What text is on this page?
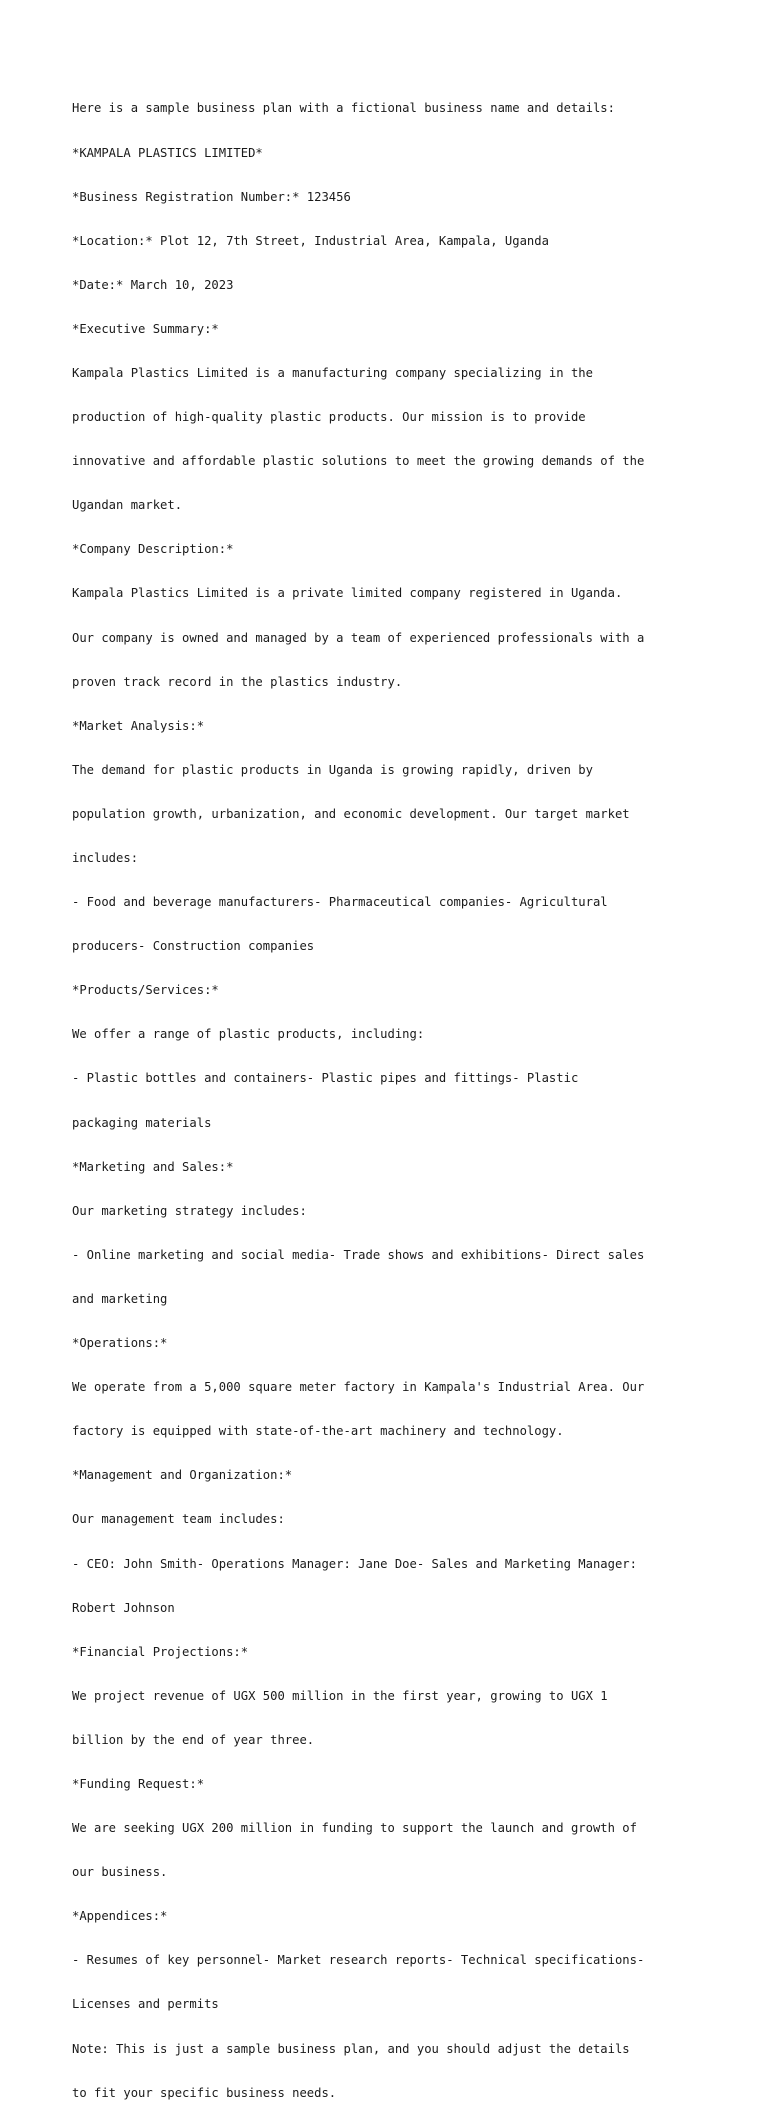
Here is a sample business plan with a fictional business name and details:

*KAMPALA PLASTICS LIMITED*

*Business Registration Number:* 123456

*Location:* Plot 12, 7th Street, Industrial Area, Kampala, Uganda

*Date:* March 10, 2023

*Executive Summary:*

Kampala Plastics Limited is a manufacturing company specializing in the

production of high-quality plastic products. Our mission is to provide

innovative and affordable plastic solutions to meet the growing demands of the

Ugandan market.

*Company Description:*

Kampala Plastics Limited is a private limited company registered in Uganda.

Our company is owned and managed by a team of experienced professionals with a

proven track record in the plastics industry.

*Market Analysis:*

The demand for plastic products in Uganda is growing rapidly, driven by

population growth, urbanization, and economic development. Our target market

includes:

- Food and beverage manufacturers- Pharmaceutical companies- Agricultural

producers- Construction companies

*Products/Services:*

We offer a range of plastic products, including:

- Plastic bottles and containers- Plastic pipes and fittings- Plastic

packaging materials

*Marketing and Sales:*

Our marketing strategy includes:

- Online marketing and social media- Trade shows and exhibitions- Direct sales

and marketing

*Operations:*

We operate from a 5,000 square meter factory in Kampala's Industrial Area. Our

factory is equipped with state-of-the-art machinery and technology.

*Management and Organization:*

Our management team includes:

- CEO: John Smith- Operations Manager: Jane Doe- Sales and Marketing Manager:

Robert Johnson

*Financial Projections:*

We project revenue of UGX 500 million in the first year, growing to UGX 1

billion by the end of year three.

*Funding Request:*

We are seeking UGX 200 million in funding to support the launch and growth of

our business.

*Appendices:*

- Resumes of key personnel- Market research reports- Technical specifications-

Licenses and permits

Note: This is just a sample business plan, and you should adjust the details

to fit your specific business needs.
